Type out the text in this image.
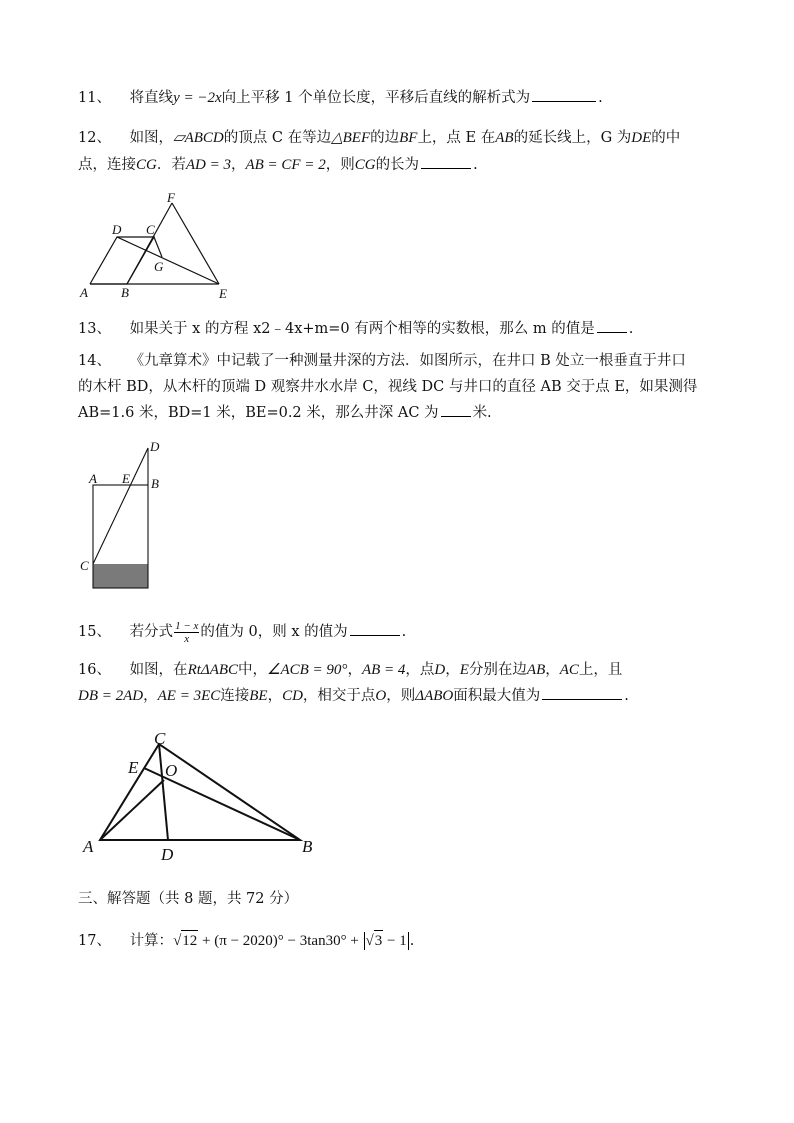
11、 将直线y = −2x向上平移 1 个单位长度，平移后直线的解析式为	.
12、 如图，▱ABCD的顶点 C 在等边△BEF的边BF上，点 E 在AB的延长线上，G 为DE的中
点，连接CG．若AD = 3，AB = CF = 2，则CG的长为	.
F
D C
G
A	B	E
13、 如果关于 x 的方程 x2﹣4x+m=0 有两个相等的实数根，那么 m 的值是 .
14、 《九章算术》中记载了一种测量井深的方法．如图所示，在井口 B 处立一根垂直于井口
的木杆 BD，从木杆的顶端 D 观察井水水岸 C，视线 DC 与井口的直径 AB 交于点 E，如果测得
AB=1.6 米，BD=1 米，BE=0.2 米，那么井深 AC 为 米.
D
A E B
C
15、 若分式 $\frac{1 - x}{x}$ 的值为 0，则 x 的值为	.
16、 如图，在RtΔABC中，∠ACB = 90°，AB = 4，点D，E分别在边AB，AC上，且
DB = 2AD，AE = 3EC连接BE，CD，相交于点O，则ΔABO面积最大值为	.
C
E O
A	D	B
三、解答题（共 8 题，共 72 分）
17、 计算：√12 + (π − 2020)° − 3tan30° + √3 − 1 .
